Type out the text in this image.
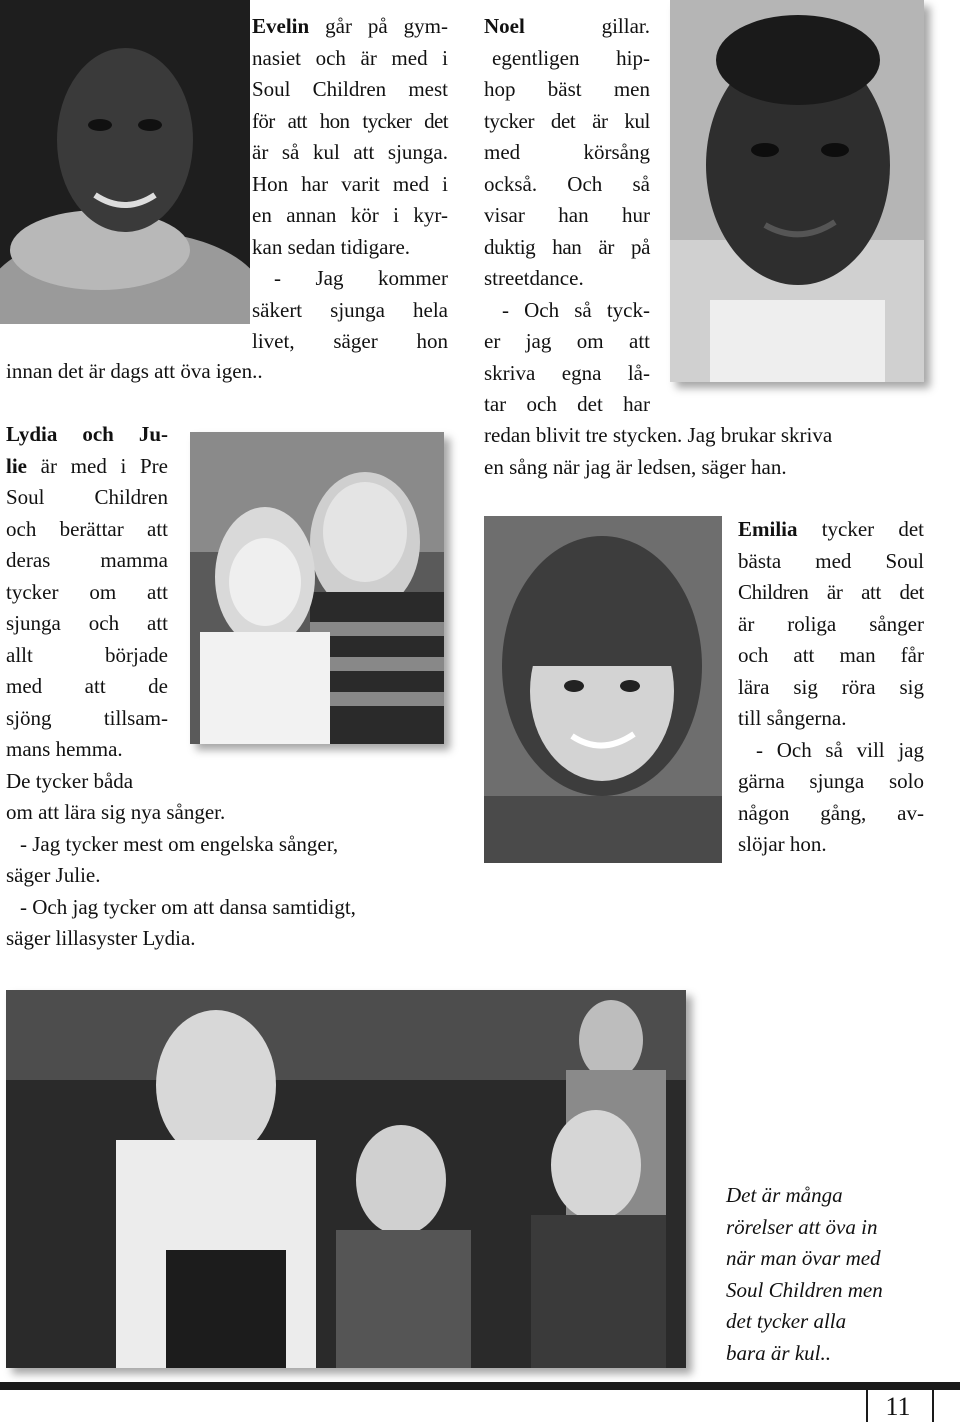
Evelin går på gym-
nasiet och är med i
Soul Children mest
för att hon tycker det
är så kul att sjunga.
Hon har varit med i
en annan kör i kyr-
kan sedan tidigare.
- Jag kommer
säkert sjunga hela
livet, säger hon
innan det är dags att öva igen..
Lydia och Ju-
lie är med i Pre
Soul Children
och berättar att
deras mamma
tycker om att
sjunga och att
allt började
med att de
sjöng tillsam-
mans hemma.
De tycker båda
om att lära sig nya sånger.
- Jag tycker mest om engelska sånger,
säger Julie.
- Och jag tycker om att dansa samtidigt,
säger lillasyster Lydia.
Noel	gillar.
egentligen hip-
hop bäst men
tycker det är kul
med körsång
också. Och så
visar han hur
duktig han är på
streetdance.
- Och så tyck-
er jag om att
skriva egna lå-
tar och det har
redan blivit tre stycken. Jag brukar skriva
en sång när jag är ledsen, säger han.
Emilia tycker det
bästa med Soul
Children är att det
är roliga sånger
och att man får
lära sig röra sig
till sångerna.
- Och så vill jag
gärna sjunga solo
någon gång, av-
slöjar hon.
Det är många
rörelser att öva in
när man övar med
Soul Children men
det tycker alla
bara är kul..
11
